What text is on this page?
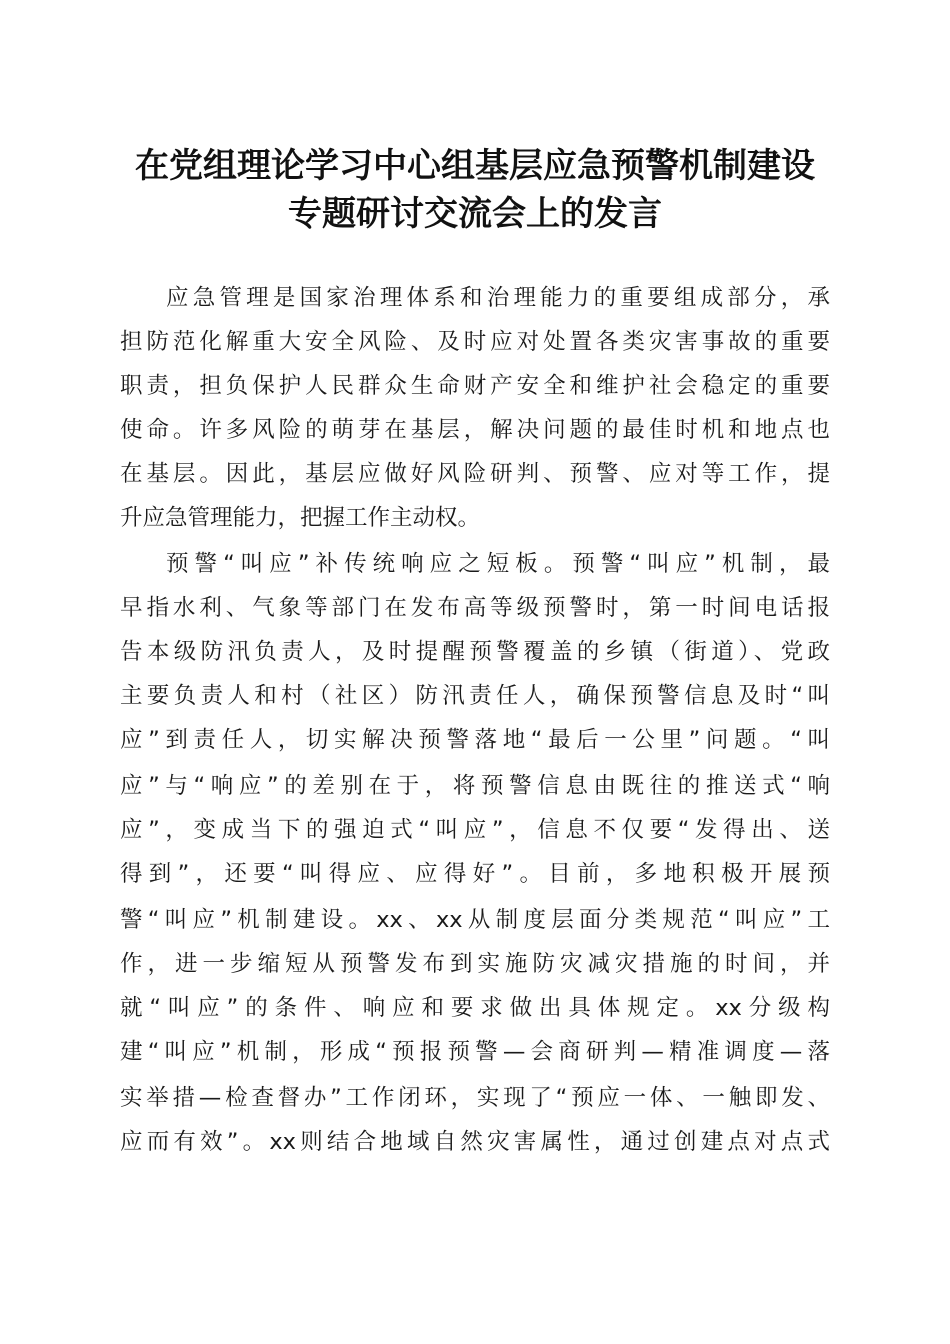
在党组理论学习中心组基层应急预警机制建设
专题研讨交流会上的发言
应急管理是国家治理体系和治理能力的重要组成部分，承
担防范化解重大安全风险、及时应对处置各类灾害事故的重要
职责，担负保护人民群众生命财产安全和维护社会稳定的重要
使命。许多风险的萌芽在基层，解决问题的最佳时机和地点也
在基层。因此，基层应做好风险研判、预警、应对等工作，提
升应急管理能力，把握工作主动权。
预警“叫应”补传统响应之短板。预警“叫应”机制，最
早指水利、气象等部门在发布高等级预警时，第一时间电话报
告本级防汛负责人，及时提醒预警覆盖的乡镇（街道）、党政
主要负责人和村（社区）防汛责任人，确保预警信息及时“叫
应”到责任人，切实解决预警落地“最后一公里”问题。“叫
应”与“响应”的差别在于，将预警信息由既往的推送式“响
应”，变成当下的强迫式“叫应”，信息不仅要“发得出、送
得到”，还要“叫得应、应得好”。目前，多地积极开展预
警“叫应”机制建设。xx、xx从制度层面分类规范“叫应”工
作，进一步缩短从预警发布到实施防灾减灾措施的时间，并
就“叫应”的条件、响应和要求做出具体规定。xx分级构
建“叫应”机制，形成“预报预警—会商研判—精准调度—落
实举措—检查督办”工作闭环，实现了“预应一体、一触即发、
应而有效”。xx则结合地域自然灾害属性，通过创建点对点式
